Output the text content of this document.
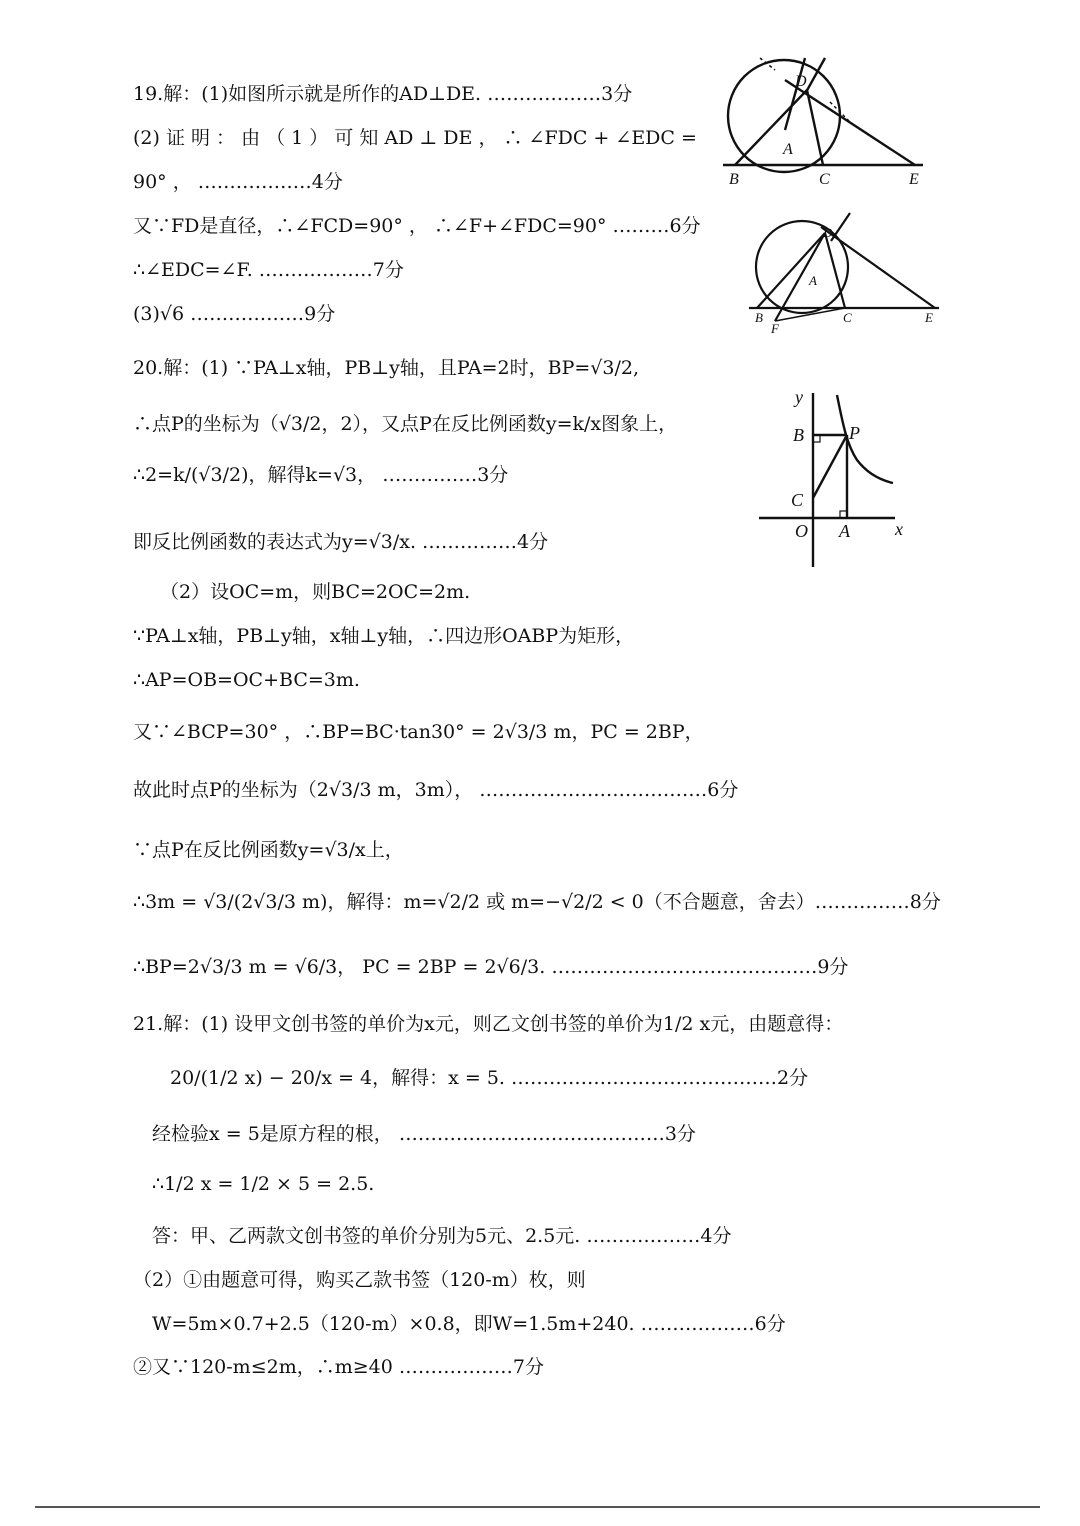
19.解：(1)如图所示就是所作的AD⊥DE. ………………3分
(2) 证 明 ： 由 （ 1 ） 可 知 AD ⊥ DE ， ∴ ∠FDC + ∠EDC =
90° ， ………………4分
又∵FD是直径，∴∠FCD=90° ， ∴∠F+∠FDC=90° ………6分
∴∠EDC=∠F. ………………7分
(3)√6 ………………9分
D
A
B	C	E
D
A
B	C	E
F
20.解：(1) ∵PA⊥x轴，PB⊥y轴，且PA=2时，BP=√3/2,
∴点P的坐标为（√3/2，2），又点P在反比例函数y=k/x图象上，
∴2=k/(√3/2)，解得k=√3， ……………3分
即反比例函数的表达式为y=√3/x. ……………4分
（2）设OC=m，则BC=2OC=2m.
∵PA⊥x轴，PB⊥y轴，x轴⊥y轴，∴四边形OABP为矩形，
∴AP=OB=OC+BC=3m.
又∵∠BCP=30° ，∴BP=BC·tan30° = 2√3/3 m，PC = 2BP，
故此时点P的坐标为（2√3/3 m，3m）， ………………………………6分
∵点P在反比例函数y=√3/x上，
∴3m = √3/(2√3/3 m)，解得：m=√2/2 或 m=−√2/2 < 0（不合题意，舍去）……………8分
∴BP=2√3/3 m = √6/3， PC = 2BP = 2√6/3. ……………………………………9分
y
B	P
C
O A	x
21.解：(1) 设甲文创书签的单价为x元，则乙文创书签的单价为1/2 x元，由题意得：
20/(1/2 x) − 20/x = 4，解得：x = 5. ……………………………………2分
经检验x = 5是原方程的根， ……………………………………3分
∴1/2 x = 1/2 × 5 = 2.5.
答：甲、乙两款文创书签的单价分别为5元、2.5元. ………………4分
（2）①由题意可得，购买乙款书签（120-m）枚，则
W=5m×0.7+2.5（120-m）×0.8，即W=1.5m+240. ………………6分
②又∵120-m≤2m，∴m≥40 ………………7分
